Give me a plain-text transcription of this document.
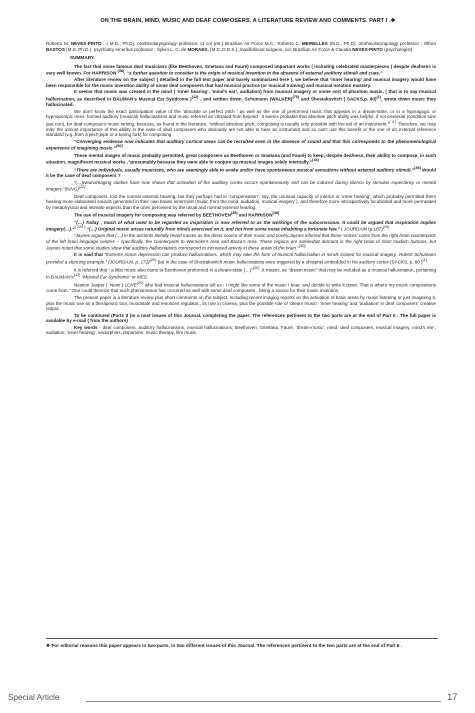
ON THE BRAIN, MIND, MUSIC AND DEAF COMPOSERS. A LITERATURE REVIEW AND COMMENTS. PART I .❖

Roberto M. NEVES-PINTO , ( M.D., Ph.D), otorhinolaryngology professor, Lt col (ret.) Brazilian Air Force M.C.; Roberto C. MEIRELLES (M.D., Ph.D), otorhinolaryngology professor ; Olhon BASTOS (M.S.,Ph.D.), psychiatry emeritus professor ; Sylvio L. C. de MORAES, (M.D.,D.D.S.),;maxillofacial surgeon, col. Brazilian Air Force & Claudia NEVES-PINTO (psychologist)

SUMMARY.

The fact that some famous deaf musicians (like Beethoven, Smetana and Fauré) composed important works ( including celebrated masterpieces ) despite deafness is very well known. For HARRISON $^{(38)}$, “a further question to consider is the origin of musical invention in the absence of external auditory stimuli and cues.”

After literature review on the subject ( detailled in the full text paper and barely summarized here ), we believe that ‘inner hearing’ and musical imagery would have been responsible for the music invention ability of some deaf composers that had musical practice (or musical training) and musical notation mastery.

It seems that music was created in the mind ( ‘inner hearing’, ‘mind’s ear’, audiation) from musical imagery or some sort of phantom music, ( that is to say musical hallucination, as described in BAUMAN’s Musical Ear Syndrome )$^{(12)}$ , and written down. Schumann (WALKER)$^{(70)}$ and Shostakovitch ( SACKS,p. 80)$^{(1)}$, wrote down music they hallucinated.

We don’t know the exact participation value of the ‘absolute or perfect pitch ’ as well as the one of preformed music that appears in a dream-state, or in a hypnagogic or hypnopompic ones, formed auditory (musical) hallucinations and music referred as ‘dictated from beyond’. It seems probable that absolute pitch ability was helpful, if not essential (condition sine qua non), for deaf composers music writing, because, as found in the literature, “without absolute pitch, composing is usually only possible with the aid of an instrument.”$^{( 4 )}$ Therefore, we may infer the utmost importance of this ability in the case of deaf composers who obviously are not able to hear an instrument and so can’t use this benefit or the one of an external reference standard (v.g.,from a pitch pipe or a tuning fork) for composing .

“Converging evidence now indicates that auditory cortical areas can be recruited even in the absence of sound and that this corresponds to the phenomenological experience of imagining music.”$^{(60)}$

These mental images of music probably permitted, great composers as Beethoven or Smetana (and Fauré) to keep, despite deafness, their ability to compose, in such situation, magnificent musical works ,“presumably because they were able to conjure up musical images solely internally.”$^{(18)}$

“There are individuals, usually musicians, who are seemingly able to evoke and/or have spontaneous musical sensations without external auditory stimuli.”$^{(38)}$ Would it be the case of deaf composers ?

“(…)Neuroimaging studies have now shown that activation of the auditory cortex occurs spontaneously and can be induced during silence by stimulus expectancy or mental imagery.”(KING)$^{(22)}$

Deaf composers, lost the normal external hearing, but they perhaps had in ‘compensation’, say, the unusual capacity of interior or ‘inner hearing’, which probably permitted them hearing more elaborated sounds generated in their own brains innermost (music from the mind, audiation, musical imagery ), and therefore more introspectively lucubrated and more permeated by metaphysical and intimate aspects than the ones perceived by the usual and normal external hearing.

The use of musical imagery for composing was referred by BEETHOVEN$^{(38)}$ and HARRISON$^{(38)}$

“(…) Today , much of what used to be regarded as inspiration is now referred to as the workings of the subconscious. It could be argued that inspiration implies imagery(…).”$^{( 223 )}$ “(…) Original music arises naturally from minds exercised on it, and not from some muse inhabiting a fortunate few.” ( JOURDAIN $(p.187)^{(20)}$

“Jaynes argues that (…) in the ancients literally heard muses as the direct source of their music and poetry.Jaynes inferred that these ‘voices’ came from the right brain counterparts of the left brain language centres – specifically, the counterparts to Wernicke’s area and Broca’s area. These regions are somewhat dormant in the right brain of most modern humans, but Jaynes noted that some studies show that auditory hallucinations correspond to increased activity in these areas of the brain.”$^{(30)}$

It is said that “Extreme manic depression can produce hallucinations, which may take the form of musical hallucination in minds trained for musical imagery .Robert Schumann provided a stunning example.” (JOURDAIN, p. 172)$^{(20)}$ But in the case of Shostakovitch music hallucinations were triggered by a shrapnel embedded in his auditory cortex (SACKS, p. 80 )$^{(1)}$

It is referred that “ a little music also came to Beethoven preformed in a dream-state (…)”$^{(20)}$ .It means, as “dream music” that may be included as a musical hallucination, pertaining to $BAUMAN’s^{(12)}$ “Musical Ear Syndrome” or MES.

Newton Jasper ( ‘NewI ) LOVE$^{(20)}$ who had musical hallucinations tell us : I might like some of the music I hear, and decide to write it down. That is where my music compositions come from.” One could theorize that such phenomenon has occurred as well with some deaf composers , being a source for their music invention.

The present paper is a literature review plus short comments on the subject, including recent imaging reports on the activation of brain areas by music listening or just imagining it, plus the music use as a therapeutic tool, moodstate and emotions regulator., its role in cinema, plus the possible role of ‘dream music’, ‘inner hearing’ and ‘audiation’ in deaf composers’ creative output.

To be continued (Parts II )in a next issues of this Journal, completing the paper. The references pertinent to the two parts are at the end of Part II . The full paper is available by e-mail ( from the authors)

Key words - deaf composers, auditory hallucinations, musical hallucinations, Beethoven, Smetana, Fauré, ‘dream-music’, mind, deaf composers, musical imagery, mind’s ear’, audiation, ‘inner hearing’, endorphins, dopamine, music therapy, film music.

❖ For editorial reasons this paper appears in two parts, in two different issues of this Journal. The references pertinent to the two parts are at the end of Part II .
Special Article	17
